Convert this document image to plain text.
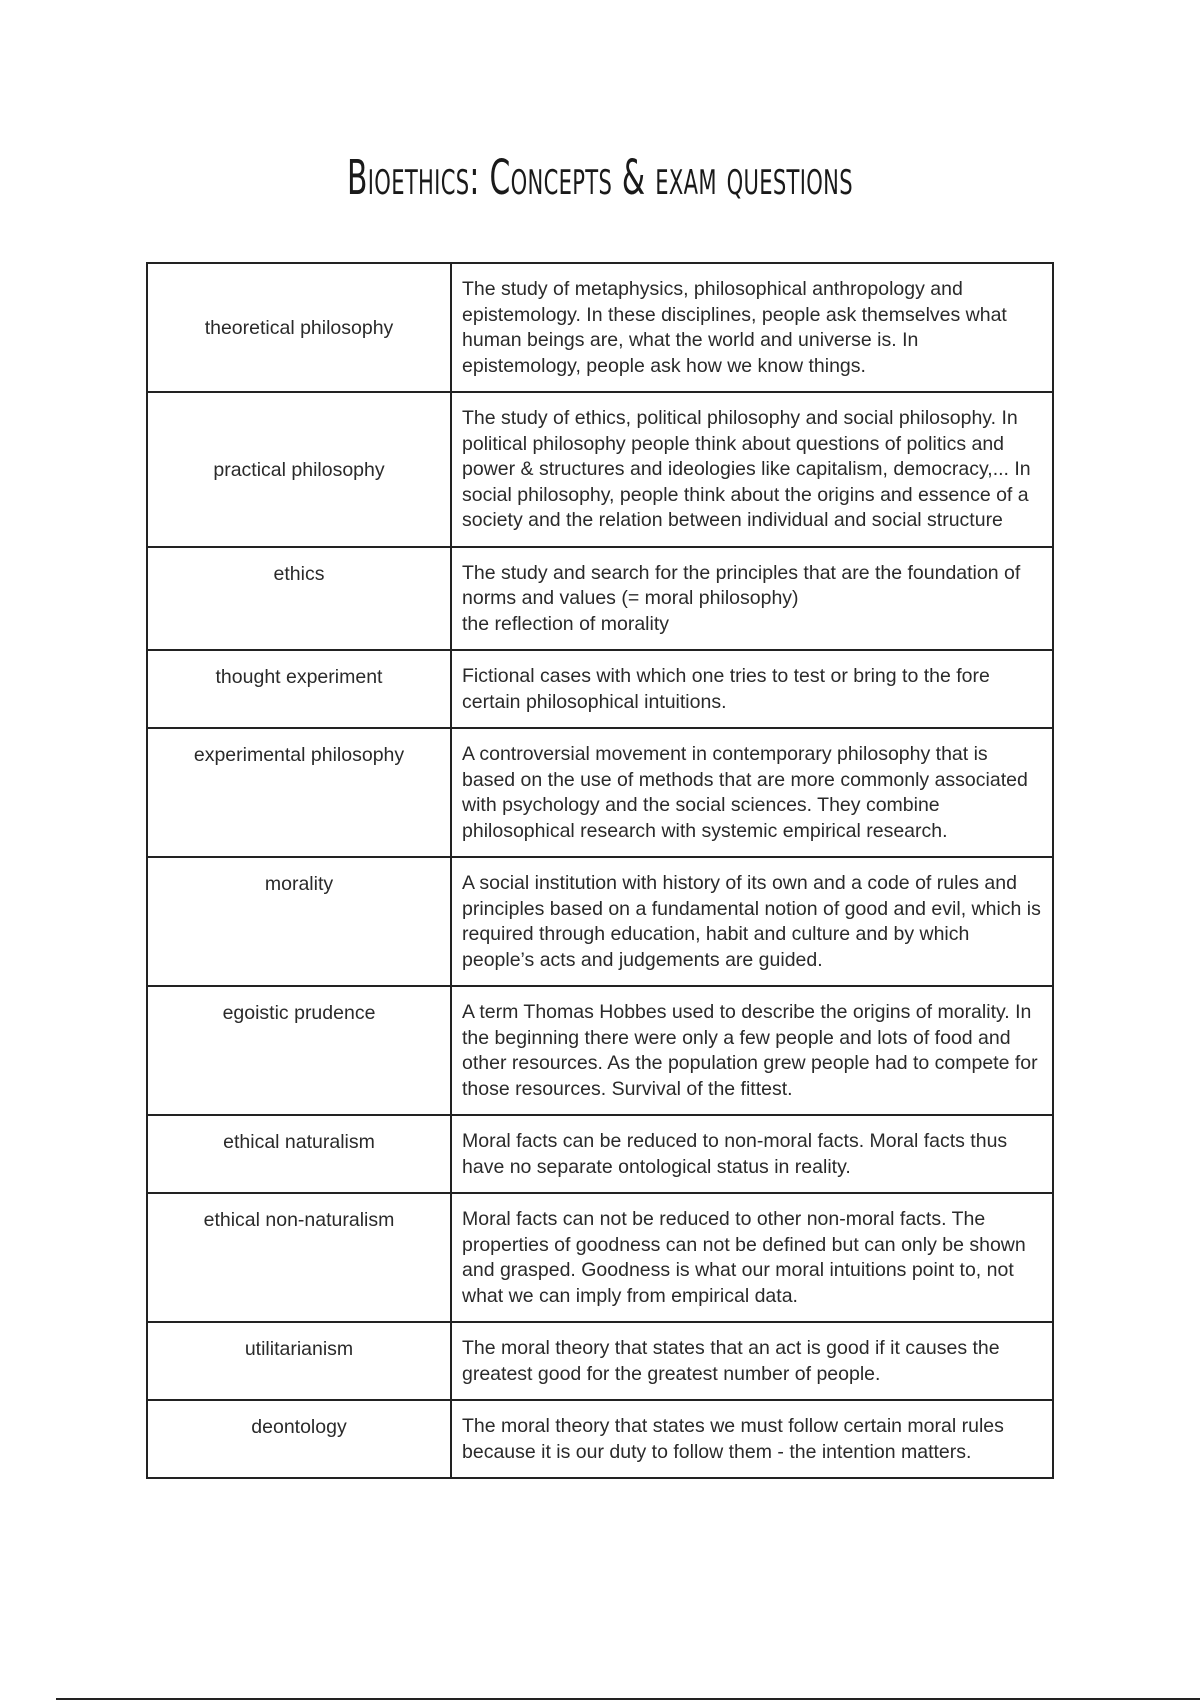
Bioethics: Concepts & exam questions
theoretical philosophy	The study of metaphysics, philosophical anthropology and epistemology. In these disciplines, people ask themselves what human beings are, what the world and universe is. In epistemology, people ask how we know things.
practical philosophy	The study of ethics, political philosophy and social philosophy. In political philosophy people think about questions of politics and power & structures and ideologies like capitalism, democracy,... In social philosophy, people think about the origins and essence of a society and the relation between individual and social structure
ethics	The study and search for the principles that are the foundation of norms and values (= moral philosophy)
the reflection of morality

thought experiment	Fictional cases with which one tries to test or bring to the fore certain philosophical intuitions.
experimental philosophy	A controversial movement in contemporary philosophy that is based on the use of methods that are more commonly associated with psychology and the social sciences. They combine philosophical research with systemic empirical research.
morality	A social institution with history of its own and a code of rules and principles based on a fundamental notion of good and evil, which is required through education, habit and culture and by which people’s acts and judgements are guided.
egoistic prudence	A term Thomas Hobbes used to describe the origins of morality. In the beginning there were only a few people and lots of food and other resources. As the population grew people had to compete for those resources. Survival of the fittest.
ethical naturalism	Moral facts can be reduced to non-moral facts. Moral facts thus have no separate ontological status in reality.
ethical non-naturalism	Moral facts can not be reduced to other non-moral facts. The properties of goodness can not be defined but can only be shown and grasped. Goodness is what our moral intuitions point to, not what we can imply from empirical data.
utilitarianism	The moral theory that states that an act is good if it causes the greatest good for the greatest number of people.
deontology	The moral theory that states we must follow certain moral rules because it is our duty to follow them - the intention matters.
